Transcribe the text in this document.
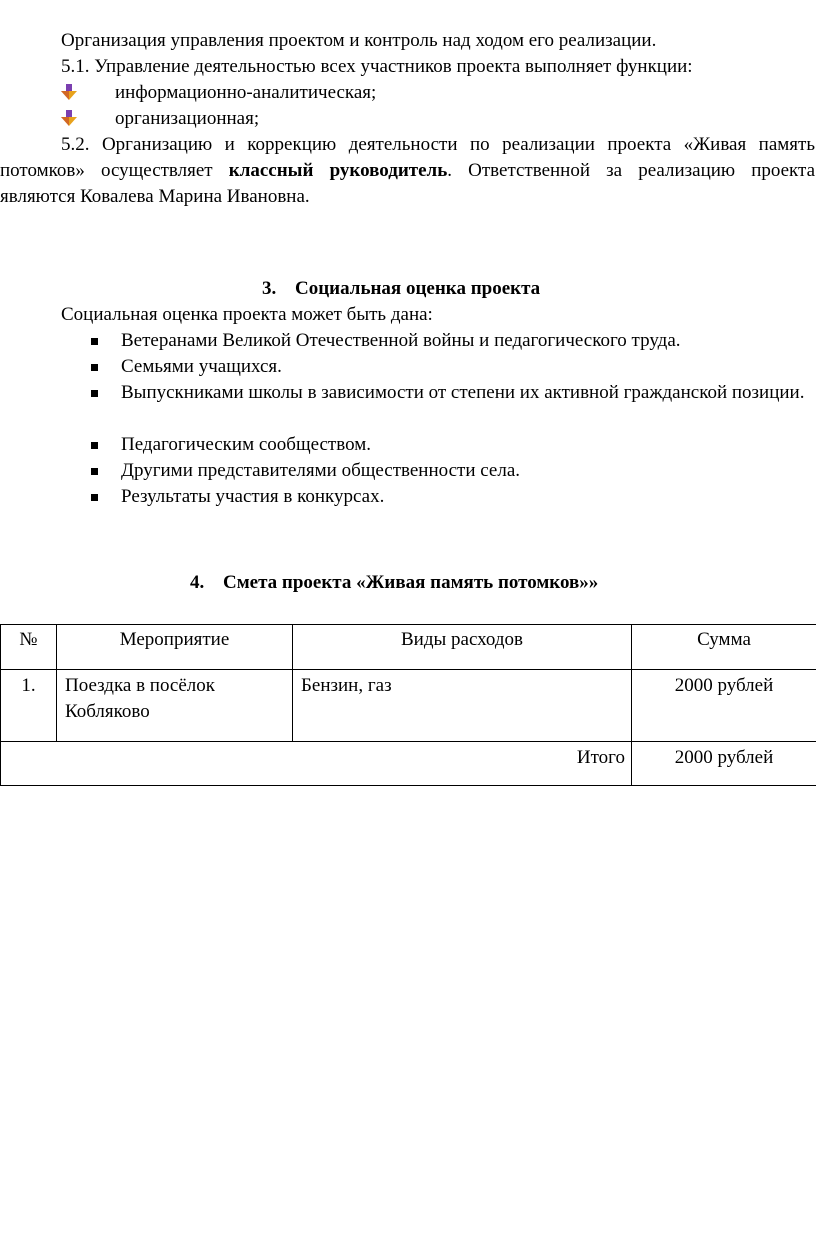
Организация управления проектом и контроль над ходом его реализации.
5.1. Управление деятельностью всех участников проекта выполняет функции:
информационно-аналитическая;
организационная;
5.2. Организацию и коррекцию деятельности по реализации проекта «Живая память потомков» осуществляет классный руководитель. Ответственной за реализацию проекта являются Ковалева Марина Ивановна.
3. Социальная оценка проекта
Социальная оценка проекта может быть дана:
Ветеранами Великой Отечественной войны и педагогического труда.
Семьями учащихся.
Выпускниками школы в зависимости от степени их активной гражданской позиции.
Педагогическим сообществом.
Другими представителями общественности села.
Результаты участия в конкурсах.
4. Смета проекта «Живая память потомков»»
№	Мероприятие	Виды расходов	Сумма
1.	Поездка в посёлок Кобляково	Бензин, газ	2000 рублей
Итого			2000 рублей
